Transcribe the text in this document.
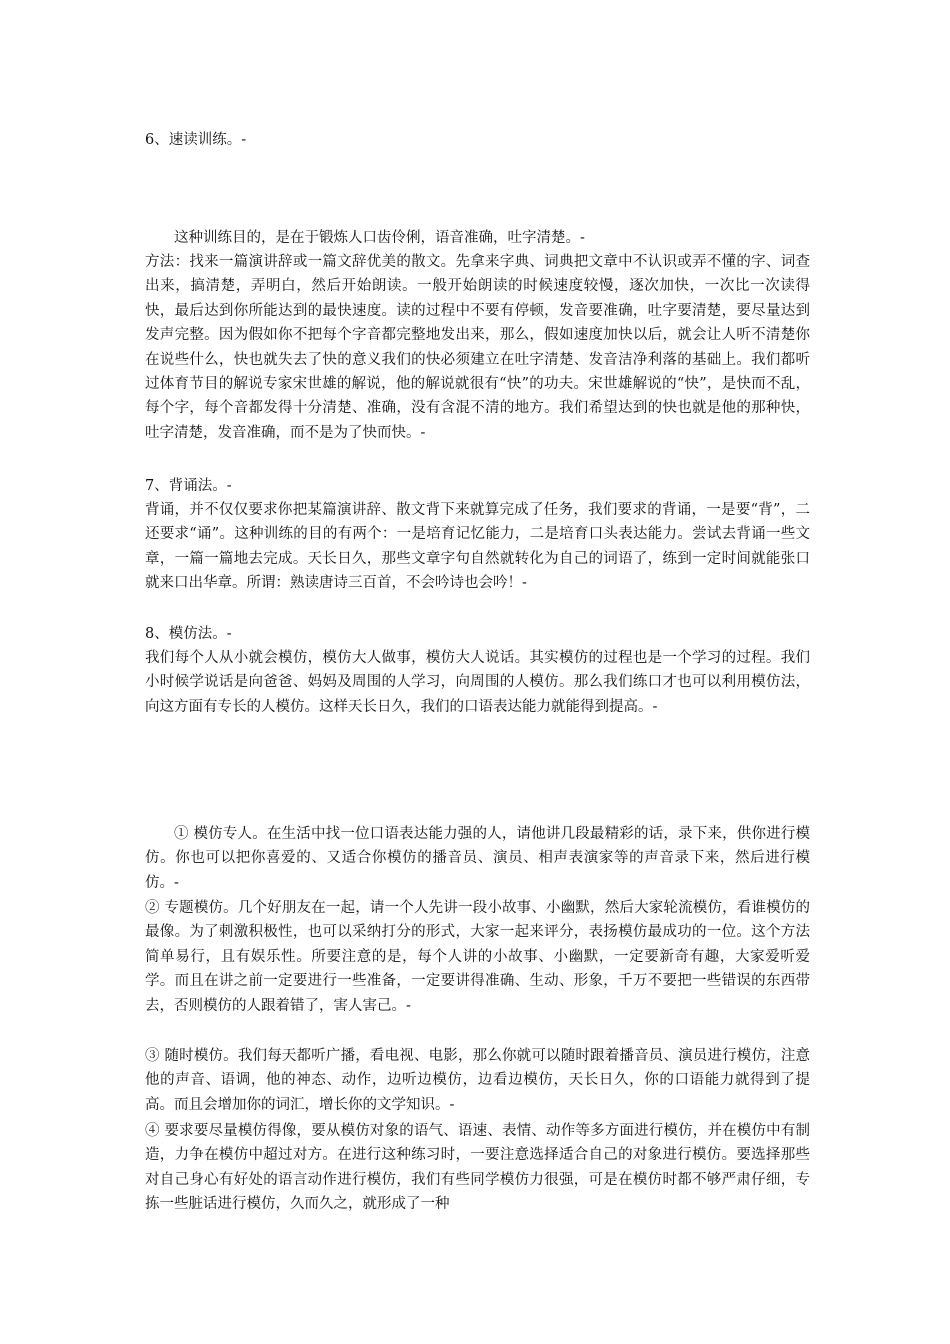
6、速读训练。-

这种训练目的，是在于锻炼人口齿伶俐，语音准确，吐字清楚。-

方法：找来一篇演讲辞或一篇文辞优美的散文。先拿来字典、词典把文章中不认识或弄不懂的字、词查出来，搞清楚，弄明白，然后开始朗读。一般开始朗读的时候速度较慢，逐次加快，一次比一次读得快，最后达到你所能达到的最快速度。读的过程中不要有停顿，发音要准确，吐字要清楚，要尽量达到发声完整。因为假如你不把每个字音都完整地发出来，那么，假如速度加快以后，就会让人听不清楚你在说些什么，快也就失去了快的意义我们的快必须建立在吐字清楚、发音洁净利落的基础上。我们都听过体育节目的解说专家宋世雄的解说，他的解说就很有“快”的功夫。宋世雄解说的“快”，是快而不乱，每个字，每个音都发得十分清楚、准确，没有含混不清的地方。我们希望达到的快也就是他的那种快，吐字清楚，发音准确，而不是为了快而快。-

7、背诵法。-

背诵，并不仅仅要求你把某篇演讲辞、散文背下来就算完成了任务，我们要求的背诵，一是要“背”，二还要求“诵”。这种训练的目的有两个：一是培育记忆能力，二是培育口头表达能力。尝试去背诵一些文章，一篇一篇地去完成。天长日久，那些文章字句自然就转化为自己的词语了，练到一定时间就能张口就来口出华章。所谓：熟读唐诗三百首，不会吟诗也会吟！-

8、模仿法。-

我们每个人从小就会模仿，模仿大人做事，模仿大人说话。其实模仿的过程也是一个学习的过程。我们小时候学说话是向爸爸、妈妈及周围的人学习，向周围的人模仿。那么我们练口才也可以利用模仿法，向这方面有专长的人模仿。这样天长日久，我们的口语表达能力就能得到提高。-

① 模仿专人。在生活中找一位口语表达能力强的人，请他讲几段最精彩的话，录下来，供你进行模仿。你也可以把你喜爱的、又适合你模仿的播音员、演员、相声表演家等的声音录下来，然后进行模仿。-

② 专题模仿。几个好朋友在一起，请一个人先讲一段小故事、小幽默，然后大家轮流模仿，看谁模仿的最像。为了刺激积极性，也可以采纳打分的形式，大家一起来评分，表扬模仿最成功的一位。这个方法简单易行，且有娱乐性。所要注意的是，每个人讲的小故事、小幽默，一定要新奇有趣，大家爱听爱学。而且在讲之前一定要进行一些准备，一定要讲得准确、生动、形象，千万不要把一些错误的东西带去，否则模仿的人跟着错了，害人害己。-

③ 随时模仿。我们每天都听广播，看电视、电影，那么你就可以随时跟着播音员、演员进行模仿，注意他的声音、语调，他的神态、动作，边听边模仿，边看边模仿，天长日久，你的口语能力就得到了提高。而且会增加你的词汇，增长你的文学知识。-

④ 要求要尽量模仿得像，要从模仿对象的语气、语速、表情、动作等多方面进行模仿，并在模仿中有制造，力争在模仿中超过对方。在进行这种练习时，一要注意选择适合自己的对象进行模仿。要选择那些对自己身心有好处的语言动作进行模仿，我们有些同学模仿力很强，可是在模仿时都不够严肃仔细，专拣一些脏话进行模仿，久而久之，就形成了一种
